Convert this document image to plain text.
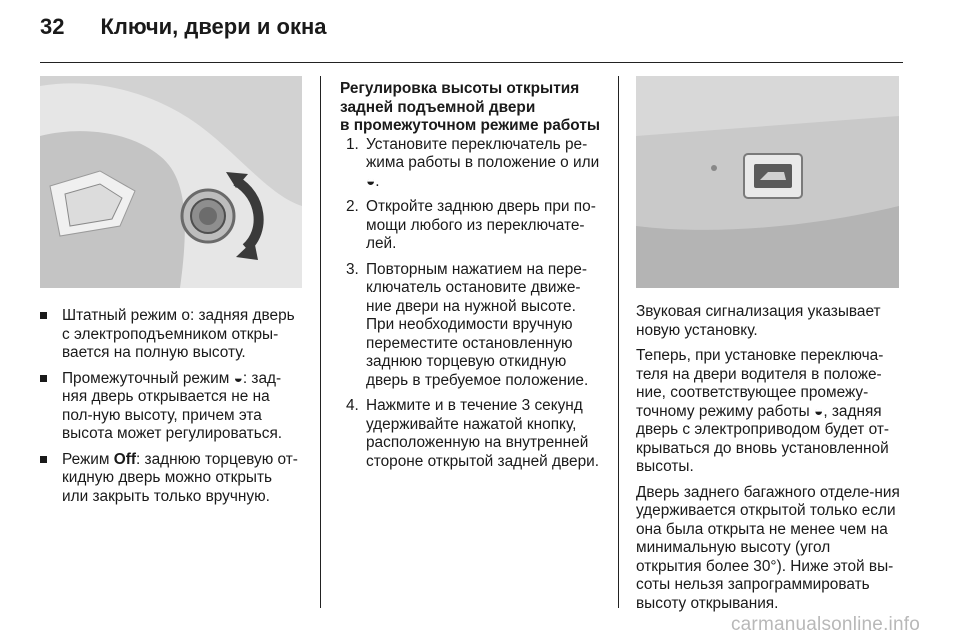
32 Ключи, двери и окна
Штатный режим о: задняя дверь с электроподъемником откры-вается на полную высоту.
Промежуточный режим ◒: зад-няя дверь открывается не на пол-ную высоту, причем эта высота может регулироваться.
Режим Off: заднюю торцевую от-кидную дверь можно открыть или закрыть только вручную.
Регулировка высоты открытия
задней подъемной двери
в промежуточном режиме работы
1. Установите переключатель ре-жима работы в положение о или ◒.
2. Откройте заднюю дверь при по-мощи любого из переключате-лей.
3. Повторным нажатием на пере-ключатель остановите движе-ние двери на нужной высоте. При необходимости вручную переместите остановленную заднюю торцевую откидную дверь в требуемое положение.
4. Нажмите и в течение 3 секунд удерживайте нажатой кнопку, расположенную на внутренней стороне открытой задней двери.

Звуковая сигнализация указывает новую установку.

Теперь, при установке переключа-теля на двери водителя в положе-ние, соответствующее промежу-точному режиму работы ◒, задняя дверь с электроприводом будет от-крываться до вновь установленной высоты.

Дверь заднего багажного отделе-ния удерживается открытой только если она была открыта не менее чем на минимальную высоту (угол открытия более 30°). Ниже этой вы-соты нельзя запрограммировать высоту открывания.

carmanualsonline.info
